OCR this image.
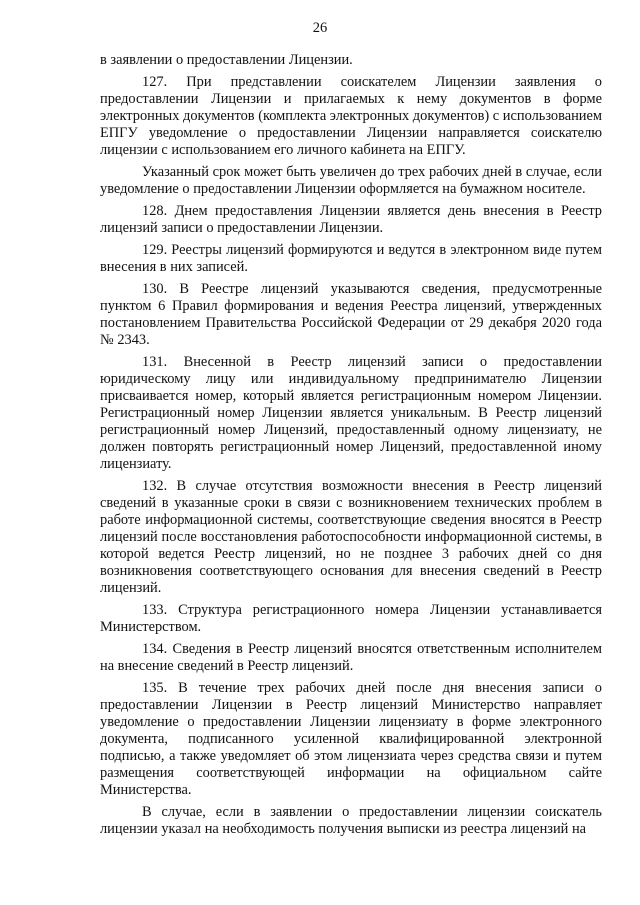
26

в заявлении о предоставлении Лицензии.

127. При представлении соискателем Лицензии заявления о предоставлении Лицензии и прилагаемых к нему документов в форме электронных документов (комплекта электронных документов) с использованием ЕПГУ уведомление о предоставлении Лицензии направляется соискателю лицензии с использованием его личного кабинета на ЕПГУ.

Указанный срок может быть увеличен до трех рабочих дней в случае, если уведомление о предоставлении Лицензии оформляется на бумажном носителе.

128. Днем предоставления Лицензии является день внесения в Реестр лицензий записи о предоставлении Лицензии.

129. Реестры лицензий формируются и ведутся в электронном виде путем внесения в них записей.

130. В Реестре лицензий указываются сведения, предусмотренные пунктом 6 Правил формирования и ведения Реестра лицензий, утвержденных постановлением Правительства Российской Федерации от 29 декабря 2020 года № 2343.

131. Внесенной в Реестр лицензий записи о предоставлении юридическому лицу или индивидуальному предпринимателю Лицензии присваивается номер, который является регистрационным номером Лицензии. Регистрационный номер Лицензии является уникальным. В Реестр лицензий регистрационный номер Лицензий, предоставленный одному лицензиату, не должен повторять регистрационный номер Лицензий, предоставленной иному лицензиату.

132. В случае отсутствия возможности внесения в Реестр лицензий сведений в указанные сроки в связи с возникновением технических проблем в работе информационной системы, соответствующие сведения вносятся в Реестр лицензий после восстановления работоспособности информационной системы, в которой ведется Реестр лицензий, но не позднее 3 рабочих дней со дня возникновения соответствующего основания для внесения сведений в Реестр лицензий.

133. Структура регистрационного номера Лицензии устанавливается Министерством.

134. Сведения в Реестр лицензий вносятся ответственным исполнителем на внесение сведений в Реестр лицензий.

135. В течение трех рабочих дней после дня внесения записи о предоставлении Лицензии в Реестр лицензий Министерство направляет уведомление о предоставлении Лицензии лицензиату в форме электронного документа, подписанного усиленной квалифицированной электронной подписью, а также уведомляет об этом лицензиата через средства связи и путем размещения соответствующей информации на официальном сайте Министерства.

В случае, если в заявлении о предоставлении лицензии соискатель лицензии указал на необходимость получения выписки из реестра лицензий на
